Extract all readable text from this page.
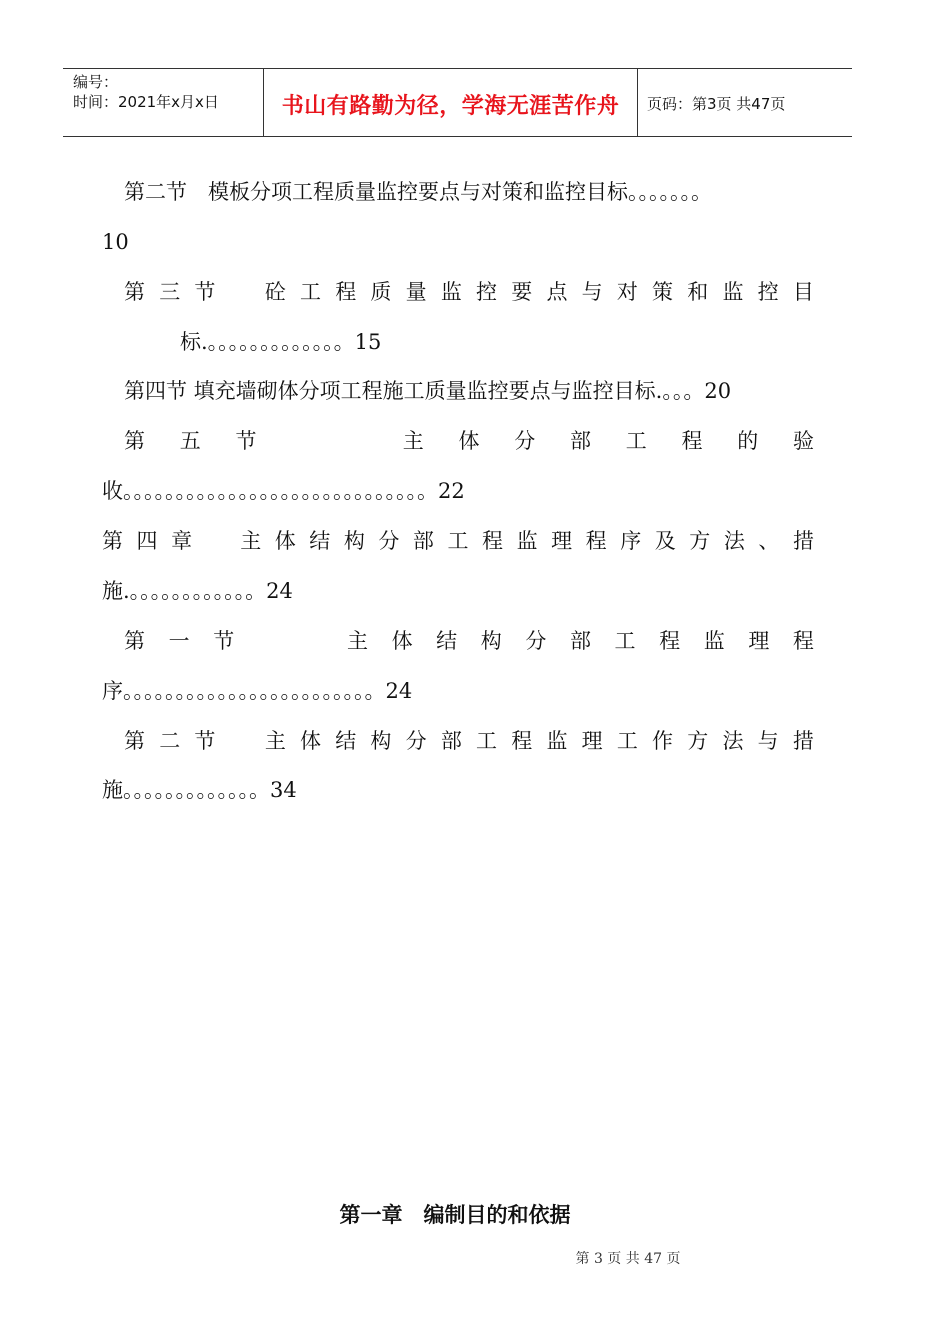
编号：
时间：2021年x月x日	书山有路勤为径，学海无涯苦作舟	页码：第3页 共47页
第二节　模板分项工程质量监控要点与对策和监控目标。。。。。。。
10
第 三 节
　 砼 工 程 质 量 监 控 要 点 与 对 策 和 监 控 目
标.。。。。。。。。。。。。。15
第四节 填充墙砌体分项工程施工质量监控要点与监控目标.。。。20
第 五 节

　	主 体 分 部 工 程 的 验
收。。。。。。。。。。。。。。。。。。。。。。。。。。。。。22
第 四 章
　 主 体 结 构 分 部 工 程 监 理 程 序 及 方 法 、 措
施.。。。。。。。。。。。。24
第 一 节

　	主 体 结 构 分 部 工 程 监 理 程
序。。。。。。。。。。。。。。。。。。。。。。。。24
第 二 节
　 主 体 结 构 分 部 工 程 监 理 工 作 方 法 与 措
施。。。。。。。。。。。。。34
第一章　编制目的和依据
第 3 页 共 47 页
